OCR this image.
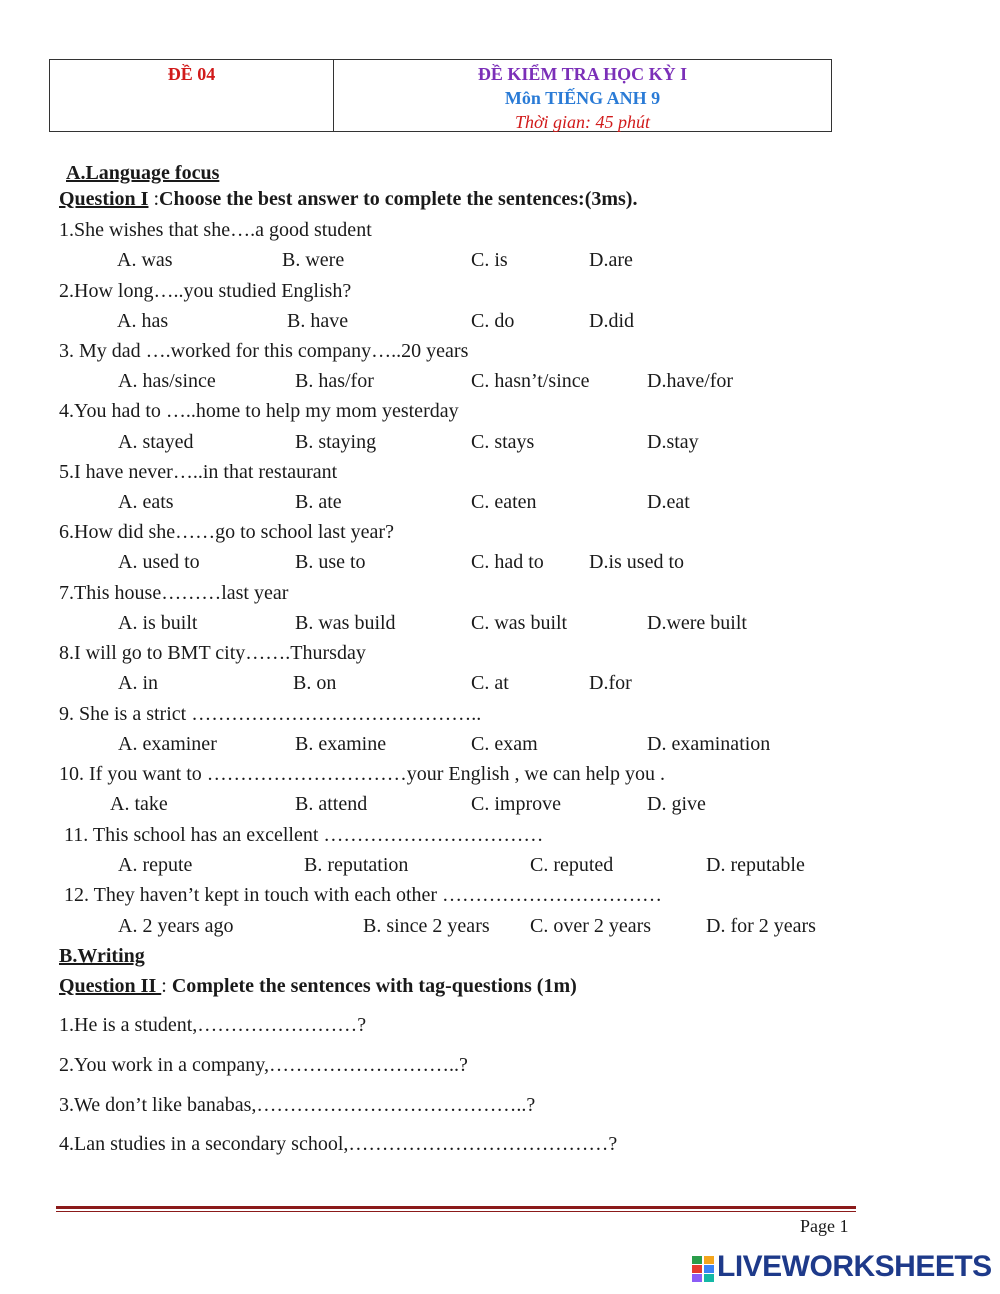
ĐỀ 04	ĐỀ KIỂM TRA HỌC KỲ I
Môn TIẾNG ANH 9
Thời gian: 45 phút
A.Language focus
Question I :Choose the best answer to complete the sentences:(3ms).
1.She wishes that she….a good student
A. was	B. were	C. is	D.are
2.How long…..you studied English?
A. has	B. have	C. do	D.did
3. My dad ….worked for this company…..20 years
A. has/since	B. has/for	C. hasn’t/since	D.have/for
4.You had to …..home to help my mom yesterday
A. stayed	B. staying	C. stays	D.stay
5.I have never…..in that restaurant
A. eats	B. ate	C. eaten	D.eat
6.How did she……go to school last year?
A. used to	B. use to	C. had to D.is used to
7.This house………last year
A. is built	B. was build	C. was built	D.were built
8.I will go to BMT city…….Thursday
A. in	B. on	C. at	D.for
9. She is a strict ……………………………………..
A. examiner	B. examine	C. exam	D. examination
10. If you want to …………………………your English , we can help you .
A. take	B. attend	C. improve	D. give
11. This school has an excellent ……………………………
A. repute	B. reputation	C. reputed	D. reputable
12. They haven’t kept in touch with each other ……………………………
A. 2 years ago	B. since 2 years C. over 2 years	D. for 2 years
B.Writing
Question II : Complete the sentences with tag-questions (1m)
1.He is a student,……………………?
2.You work in a company,………………………..?
3.We don’t like banabas,…………………………………..?
4.Lan studies in a secondary school,…………………………………?
Page 1
LIVEWORKSHEETS
